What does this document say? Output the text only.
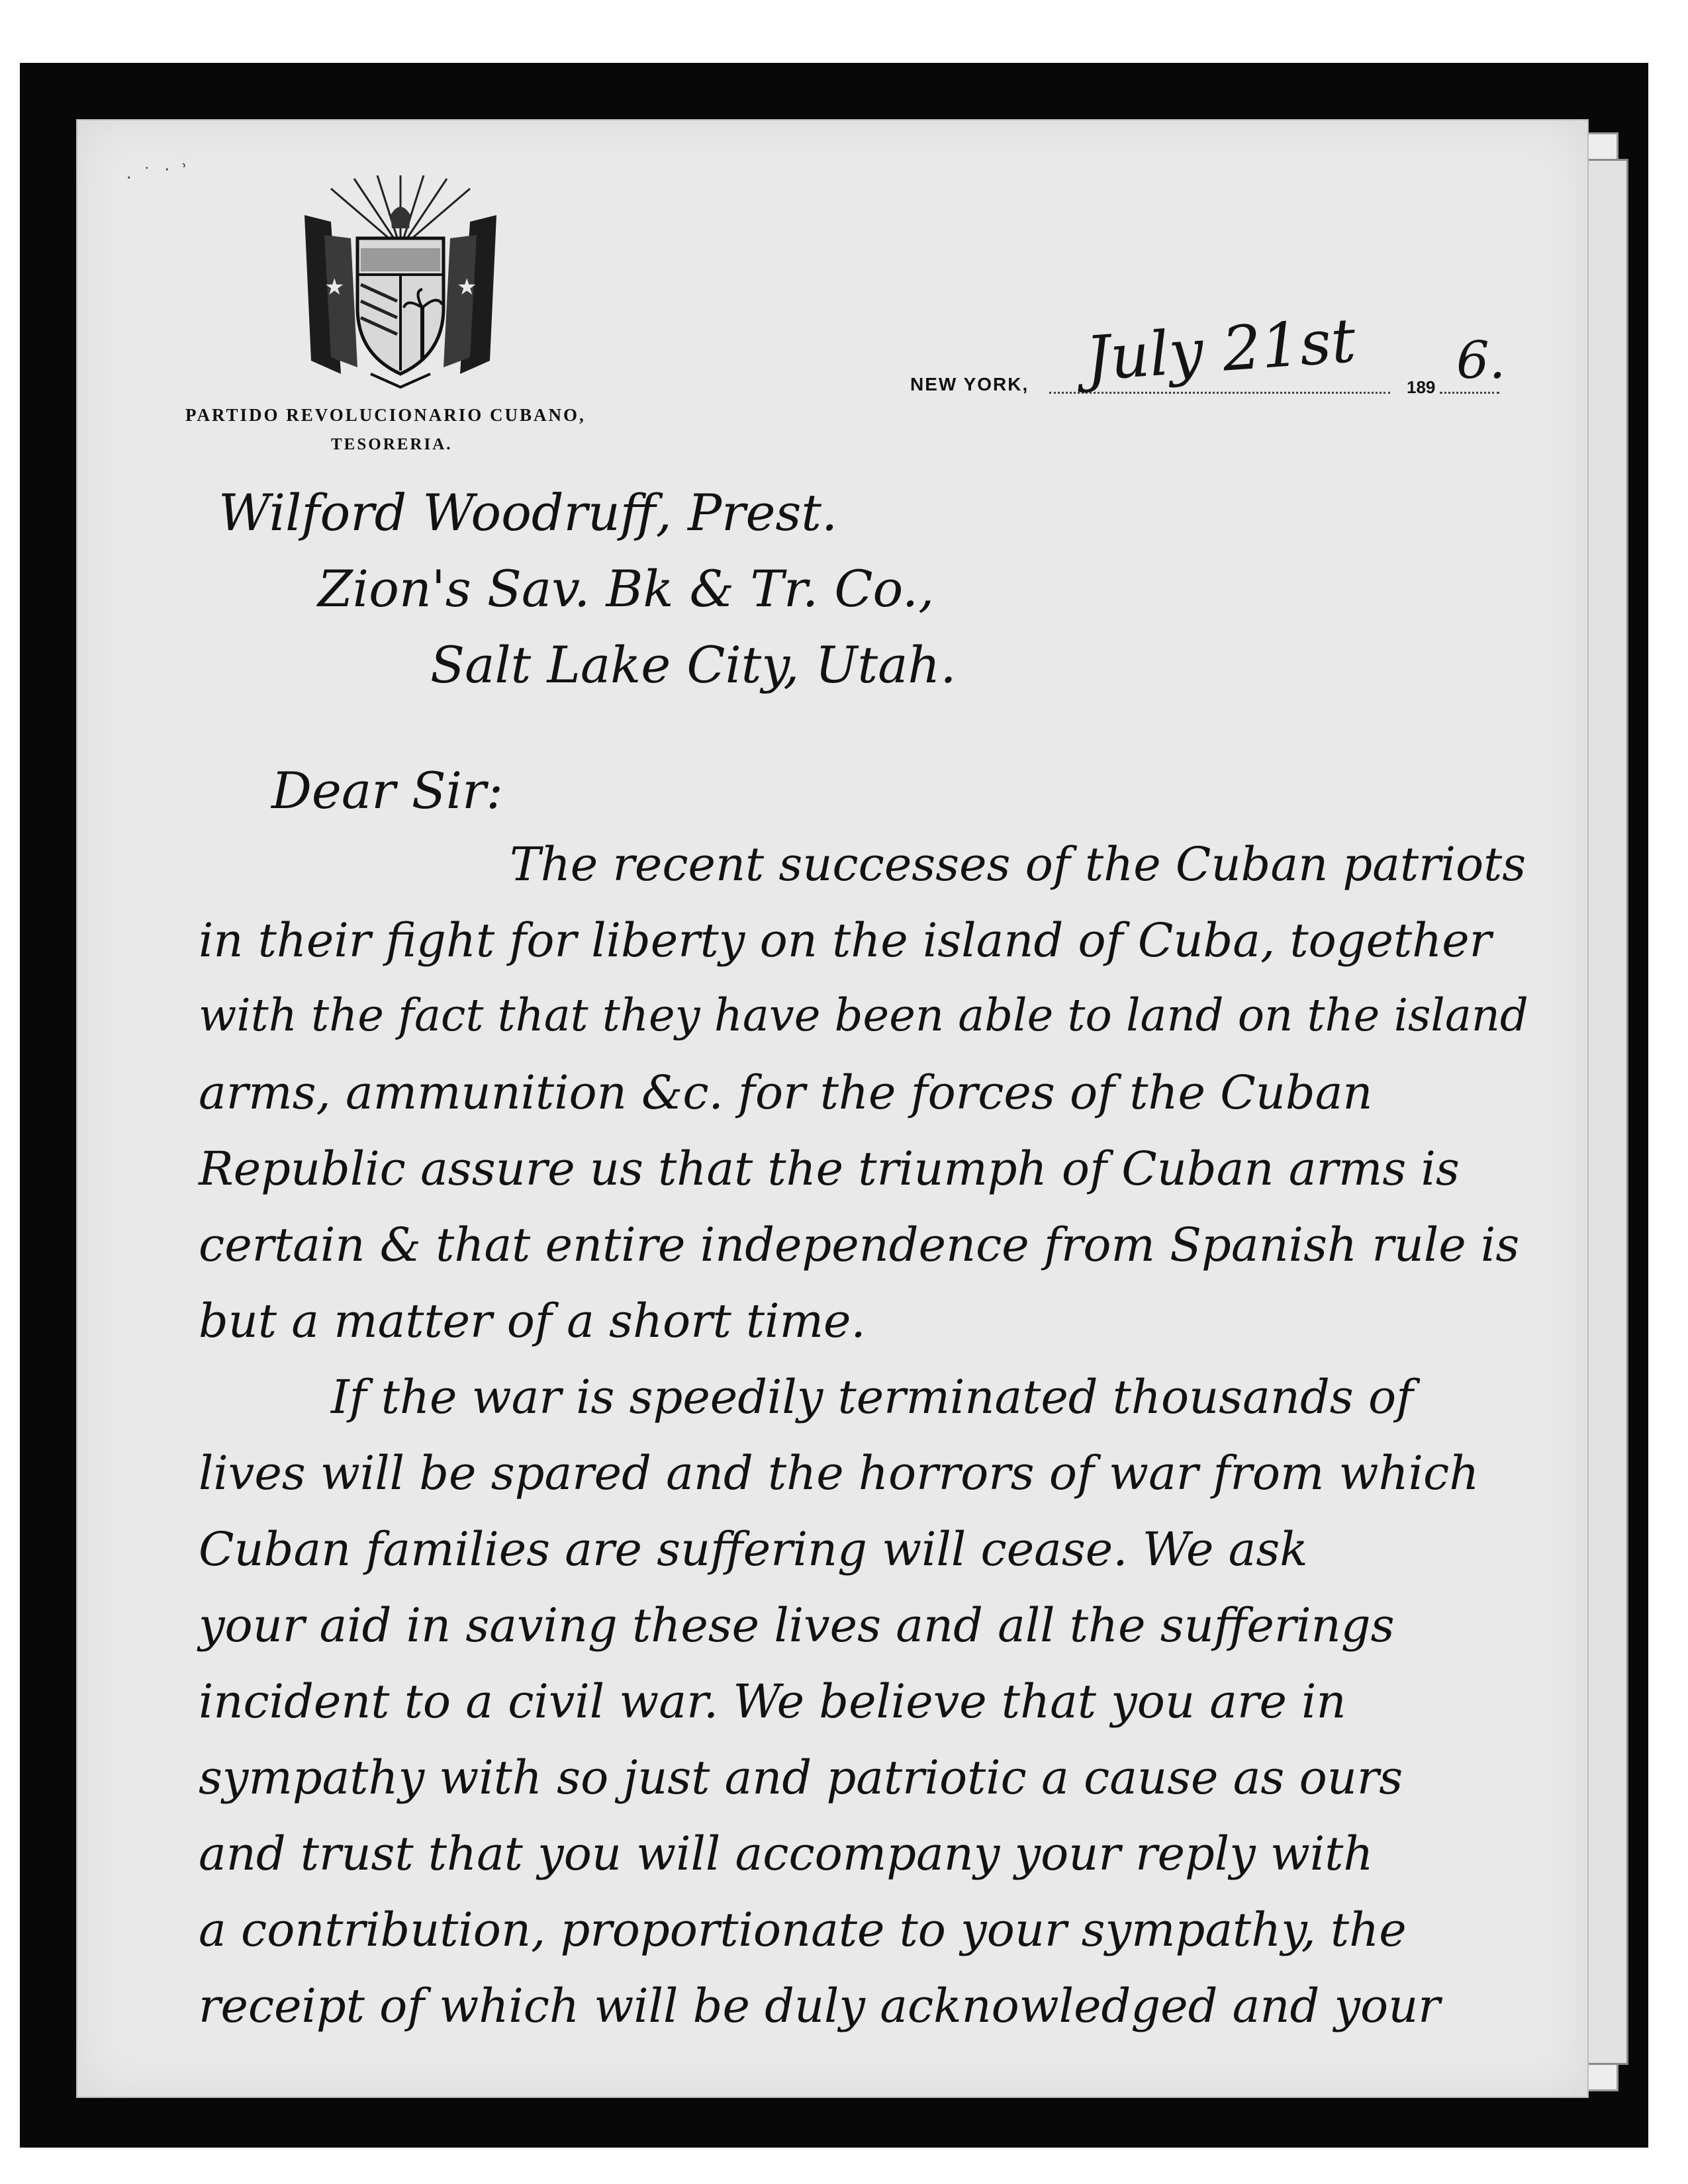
· ˙ · ˒
★	★
PARTIDO REVOLUCIONARIO CUBANO,
TESORERIA.
NEW YORK, July 21st	189 6.
Wilford Woodruff, Prest.
Zion's Sav. Bk & Tr. Co.,
Salt Lake City, Utah.
Dear Sir:
The recent successes of the Cuban patriots
in their fight for liberty on the island of Cuba, together
with the fact that they have been able to land on the island
arms, ammunition &c. for the forces of the Cuban
Republic assure us that the triumph of Cuban arms is
certain & that entire independence from Spanish rule is
but a matter of a short time.
If the war is speedily terminated thousands of
lives will be spared and the horrors of war from which
Cuban families are suffering will cease. We ask
your aid in saving these lives and all the sufferings
incident to a civil war. We believe that you are in
sympathy with so just and patriotic a cause as ours
and trust that you will accompany your reply with
a contribution, proportionate to your sympathy, the
receipt of which will be duly acknowledged and your
